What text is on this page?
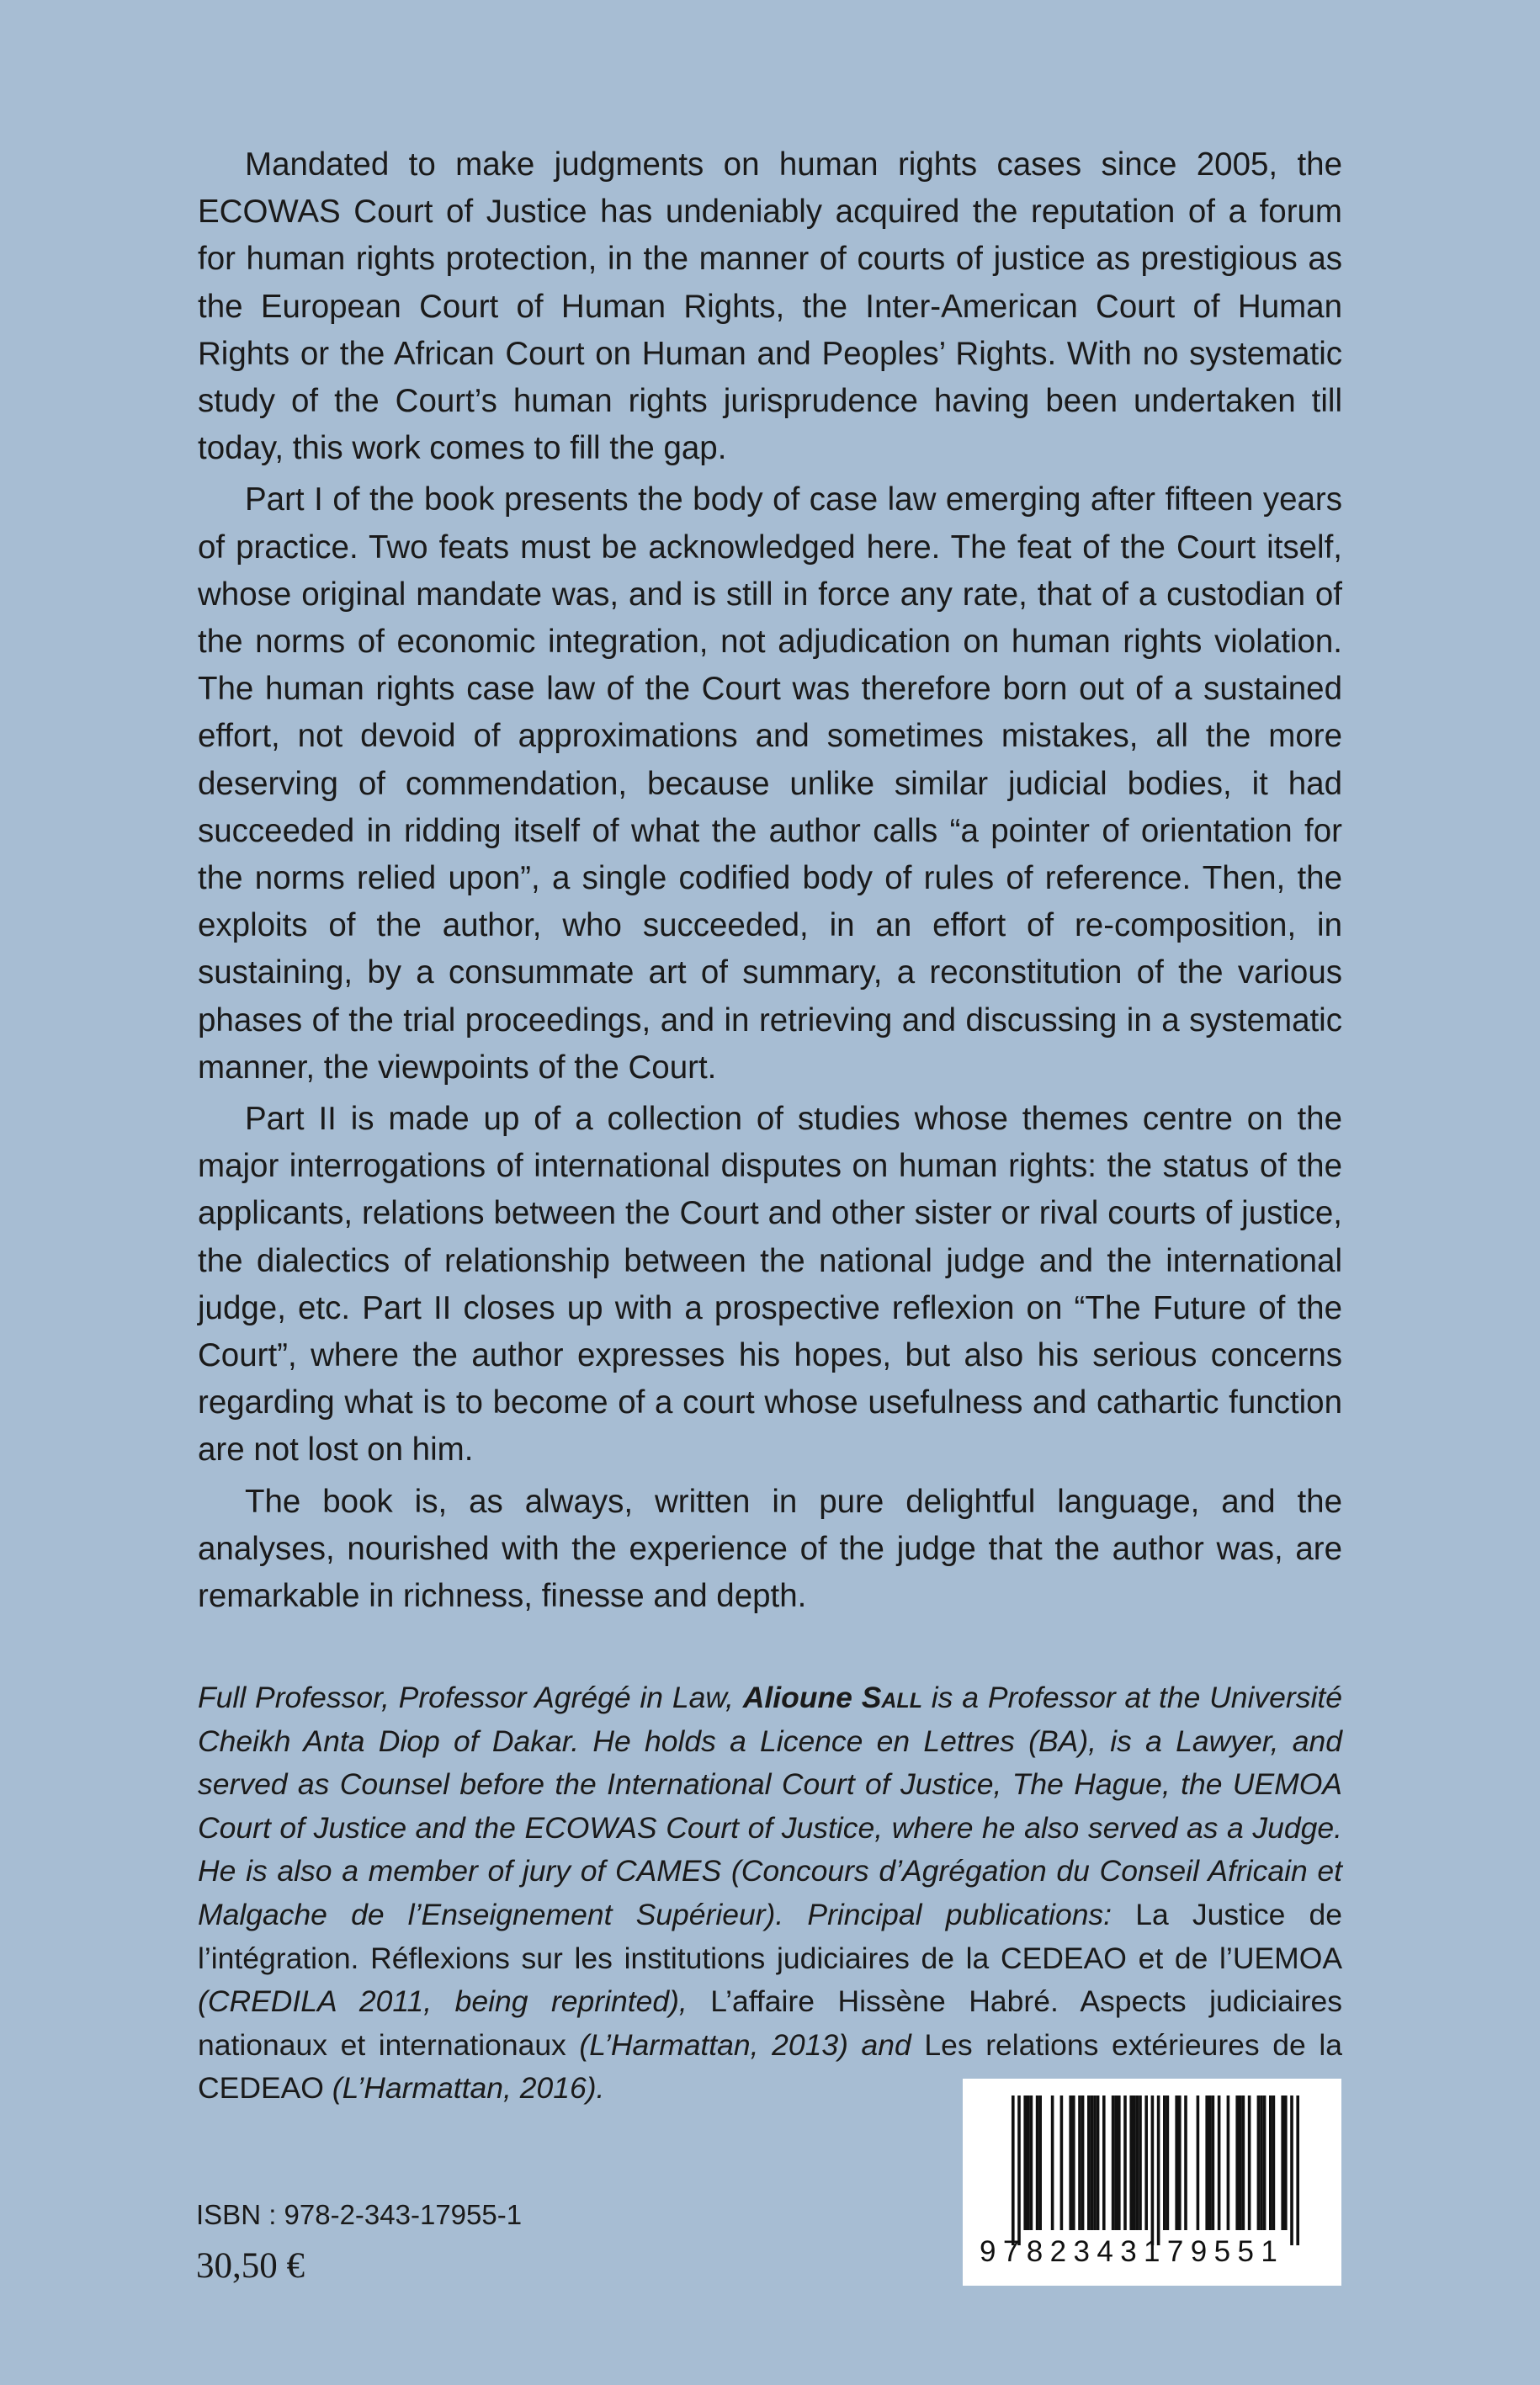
Mandated to make judgments on human rights cases since 2005, the ECOWAS Court of Justice has undeniably acquired the reputation of a forum for human rights protection, in the manner of courts of justice as prestigious as the European Court of Human Rights, the Inter-American Court of Human Rights or the African Court on Human and Peoples’ Rights. With no systematic study of the Court’s human rights jurisprudence having been undertaken till today, this work comes to fill the gap.

Part I of the book presents the body of case law emerging after fifteen years of practice. Two feats must be acknowledged here. The feat of the Court itself, whose original mandate was, and is still in force any rate, that of a custodian of the norms of economic integration, not adjudication on human rights violation. The human rights case law of the Court was therefore born out of a sustained effort, not devoid of approximations and sometimes mistakes, all the more deserving of commendation, because unlike similar judicial bodies, it had succeeded in ridding itself of what the author calls “a pointer of orientation for the norms relied upon”, a single codified body of rules of reference. Then, the exploits of the author, who succeeded, in an effort of re-composition, in sustaining, by a consummate art of summary, a reconstitution of the various phases of the trial proceedings, and in retrieving and discussing in a systematic manner, the viewpoints of the Court.

Part II is made up of a collection of studies whose themes centre on the major interrogations of international disputes on human rights: the status of the applicants, relations between the Court and other sister or rival courts of justice, the dialectics of relationship between the national judge and the international judge, etc. Part II closes up with a prospective reflexion on “The Future of the Court”, where the author expresses his hopes, but also his serious concerns regarding what is to become of a court whose usefulness and cathartic function are not lost on him.

The book is, as always, written in pure delightful language, and the analyses, nourished with the experience of the judge that the author was, are remarkable in richness, finesse and depth.

Full Professor, Professor Agrégé in Law, Alioune Sall is a Professor at the Université Cheikh Anta Diop of Dakar. He holds a Licence en Lettres (BA), is a Lawyer, and served as Counsel before the International Court of Justice, The Hague, the UEMOA Court of Justice and the ECOWAS Court of Justice, where he also served as a Judge. He is also a member of jury of CAMES (Concours d’Agrégation du Conseil Africain et Malgache de l’Enseignement Supérieur). Principal publications: La Justice de l’intégration. Réflexions sur les institutions judiciaires de la CEDEAO et de l’UEMOA (CREDILA 2011, being reprinted), L’affaire Hissène Habré. Aspects judiciaires nationaux et internationaux (L’Harmattan, 2013) and Les relations extérieures de la CEDEAO (L’Harmattan, 2016).
ISBN : 978-2-343-17955-1
30,50 €	9782343179551
